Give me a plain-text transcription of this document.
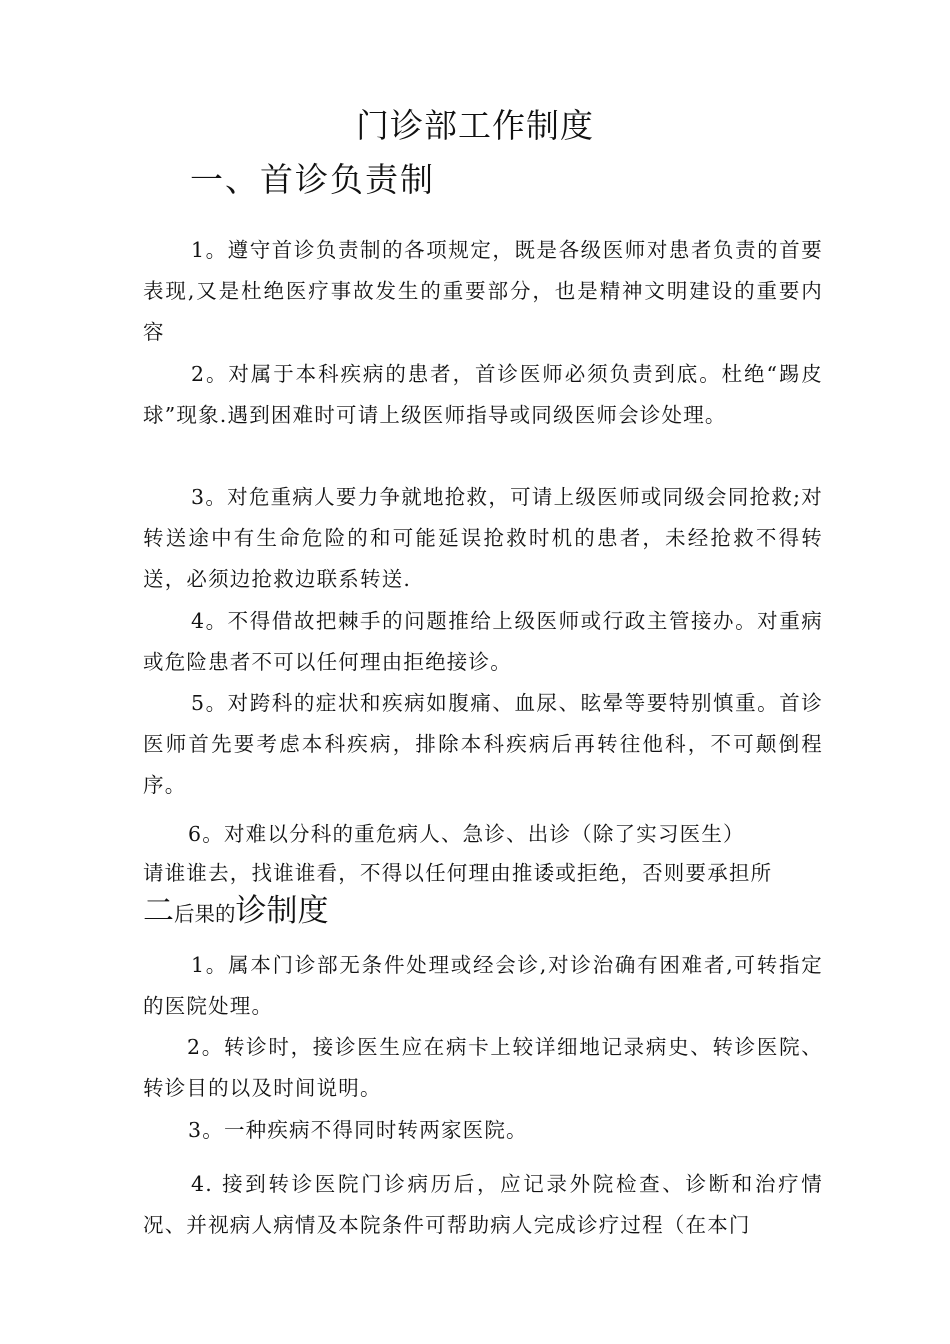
门诊部工作制度
一、首诊负责制

1。遵守首诊负责制的各项规定，既是各级医师对患者负责的首要表现,又是杜绝医疗事故发生的重要部分，也是精神文明建设的重要内容

2。对属于本科疾病的患者，首诊医师必须负责到底。杜绝“踢皮球”现象.遇到困难时可请上级医师指导或同级医师会诊处理。

3。对危重病人要力争就地抢救，可请上级医师或同级会同抢救;对转送途中有生命危险的和可能延误抢救时机的患者，未经抢救不得转送，必须边抢救边联系转送.

4。不得借故把棘手的问题推给上级医师或行政主管接办。对重病或危险患者不可以任何理由拒绝接诊。

5。对跨科的症状和疾病如腹痛、血尿、眩晕等要特别慎重。首诊医师首先要考虑本科疾病，排除本科疾病后再转往他科，不可颠倒程序。

6。对难以分科的重危病人、急诊、出诊（除了实习医生）

请谁谁去，找谁谁看，不得以任何理由推诿或拒绝，否则要承担所

二后果的诊制度

1。属本门诊部无条件处理或经会诊,对诊治确有困难者,可转指定的医院处理。

2。转诊时，接诊医生应在病卡上较详细地记录病史、转诊医院、转诊目的以及时间说明。

3。一种疾病不得同时转两家医院。

4. 接到转诊医院门诊病历后，应记录外院检查、诊断和治疗情况、并视病人病情及本院条件可帮助病人完成诊疗过程（在本门
